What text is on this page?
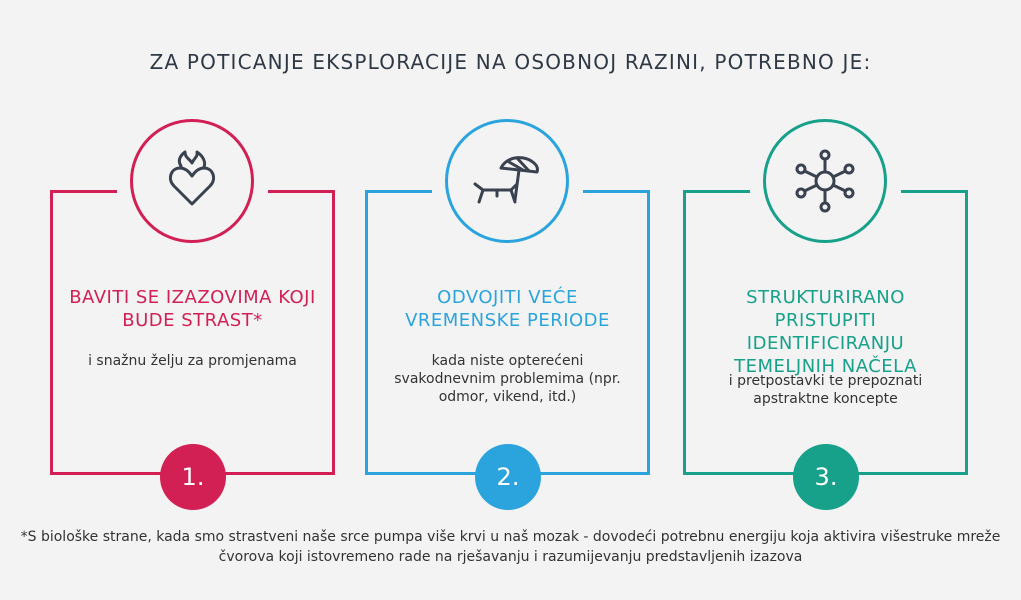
ZA POTICANJE EKSPLORACIJE NA OSOBNOJ RAZINI, POTREBNO JE:
BAVITI SE IZAZOVIMA KOJI BUDE STRAST*
i snažnu želju za promjenama
1.
ODVOJITI VEĆE VREMENSKE PERIODE
kada niste opterećeni svakodnevnim problemima (npr. odmor, vikend, itd.)
2.
STRUKTURIRANO PRISTUPITI IDENTIFICIRANJU TEMELJNIH NAČELA
i pretpostavki te prepoznati apstraktne koncepte
3.
*S biološke strane, kada smo strastveni naše srce pumpa više krvi u naš mozak - dovodeći potrebnu energiju koja aktivira višestruke mreže čvorova koji istovremeno rade na rješavanju i razumijevanju predstavljenih izazova
